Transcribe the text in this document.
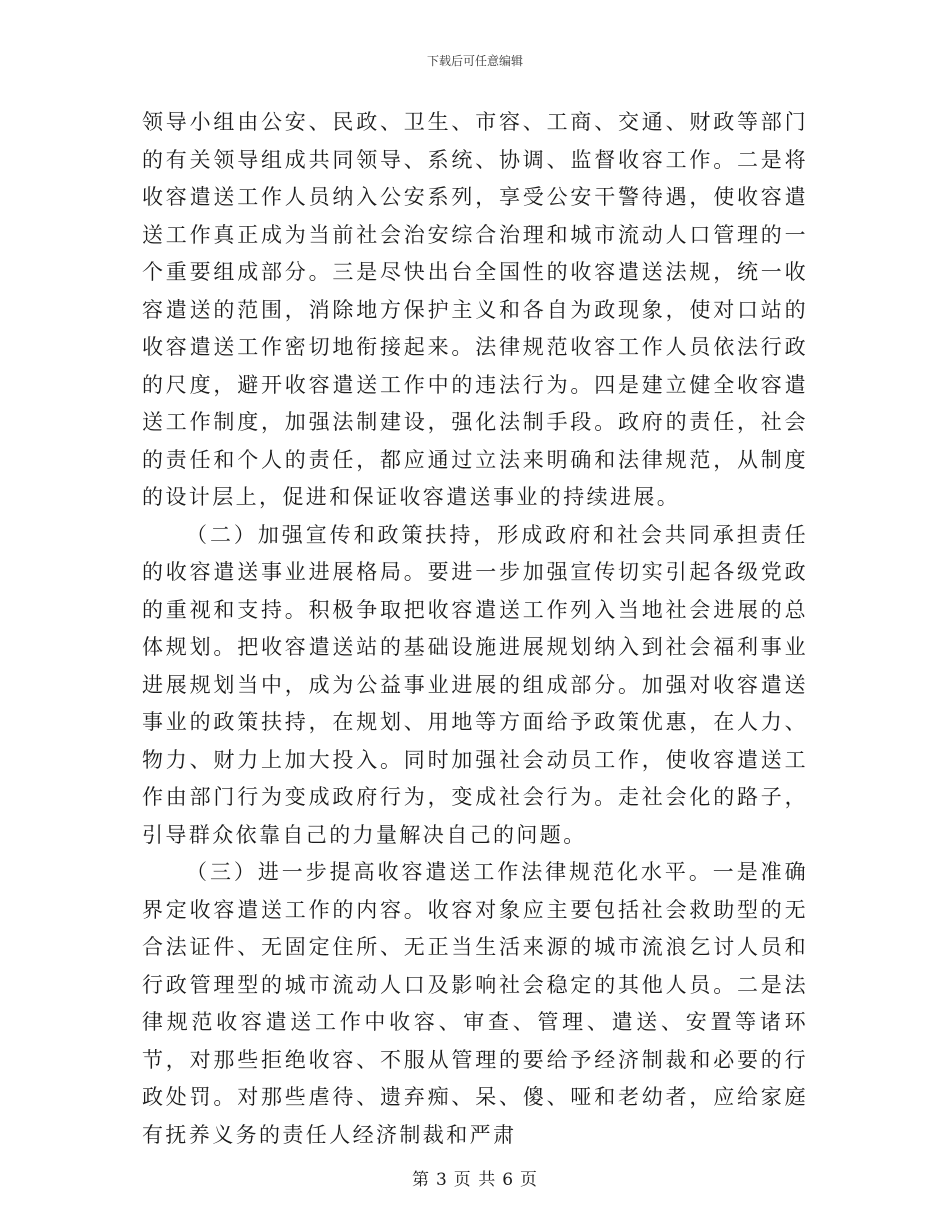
下载后可任意编辑

领导小组由公安、民政、卫生、市容、工商、交通、财政等部门的有关领导组成共同领导、系统、协调、监督收容工作。二是将收容遣送工作人员纳入公安系列，享受公安干警待遇，使收容遣送工作真正成为当前社会治安综合治理和城市流动人口管理的一个重要组成部分。三是尽快出台全国性的收容遣送法规，统一收容遣送的范围，消除地方保护主义和各自为政现象，使对口站的收容遣送工作密切地衔接起来。法律规范收容工作人员依法行政的尺度，避开收容遣送工作中的违法行为。四是建立健全收容遣送工作制度，加强法制建设，强化法制手段。政府的责任，社会的责任和个人的责任，都应通过立法来明确和法律规范，从制度的设计层上，促进和保证收容遣送事业的持续进展。

（二）加强宣传和政策扶持，形成政府和社会共同承担责任的收容遣送事业进展格局。要进一步加强宣传切实引起各级党政的重视和支持。积极争取把收容遣送工作列入当地社会进展的总体规划。把收容遣送站的基础设施进展规划纳入到社会福利事业进展规划当中，成为公益事业进展的组成部分。加强对收容遣送事业的政策扶持，在规划、用地等方面给予政策优惠，在人力、物力、财力上加大投入。同时加强社会动员工作，使收容遣送工作由部门行为变成政府行为，变成社会行为。走社会化的路子，引导群众依靠自己的力量解决自己的问题。

（三）进一步提高收容遣送工作法律规范化水平。一是准确界定收容遣送工作的内容。收容对象应主要包括社会救助型的无合法证件、无固定住所、无正当生活来源的城市流浪乞讨人员和行政管理型的城市流动人口及影响社会稳定的其他人员。二是法律规范收容遣送工作中收容、审查、管理、遣送、安置等诸环节，对那些拒绝收容、不服从管理的要给予经济制裁和必要的行政处罚。对那些虐待、遗弃痴、呆、傻、哑和老幼者，应给家庭有抚养义务的责任人经济制裁和严肃

第 3 页 共 6 页
